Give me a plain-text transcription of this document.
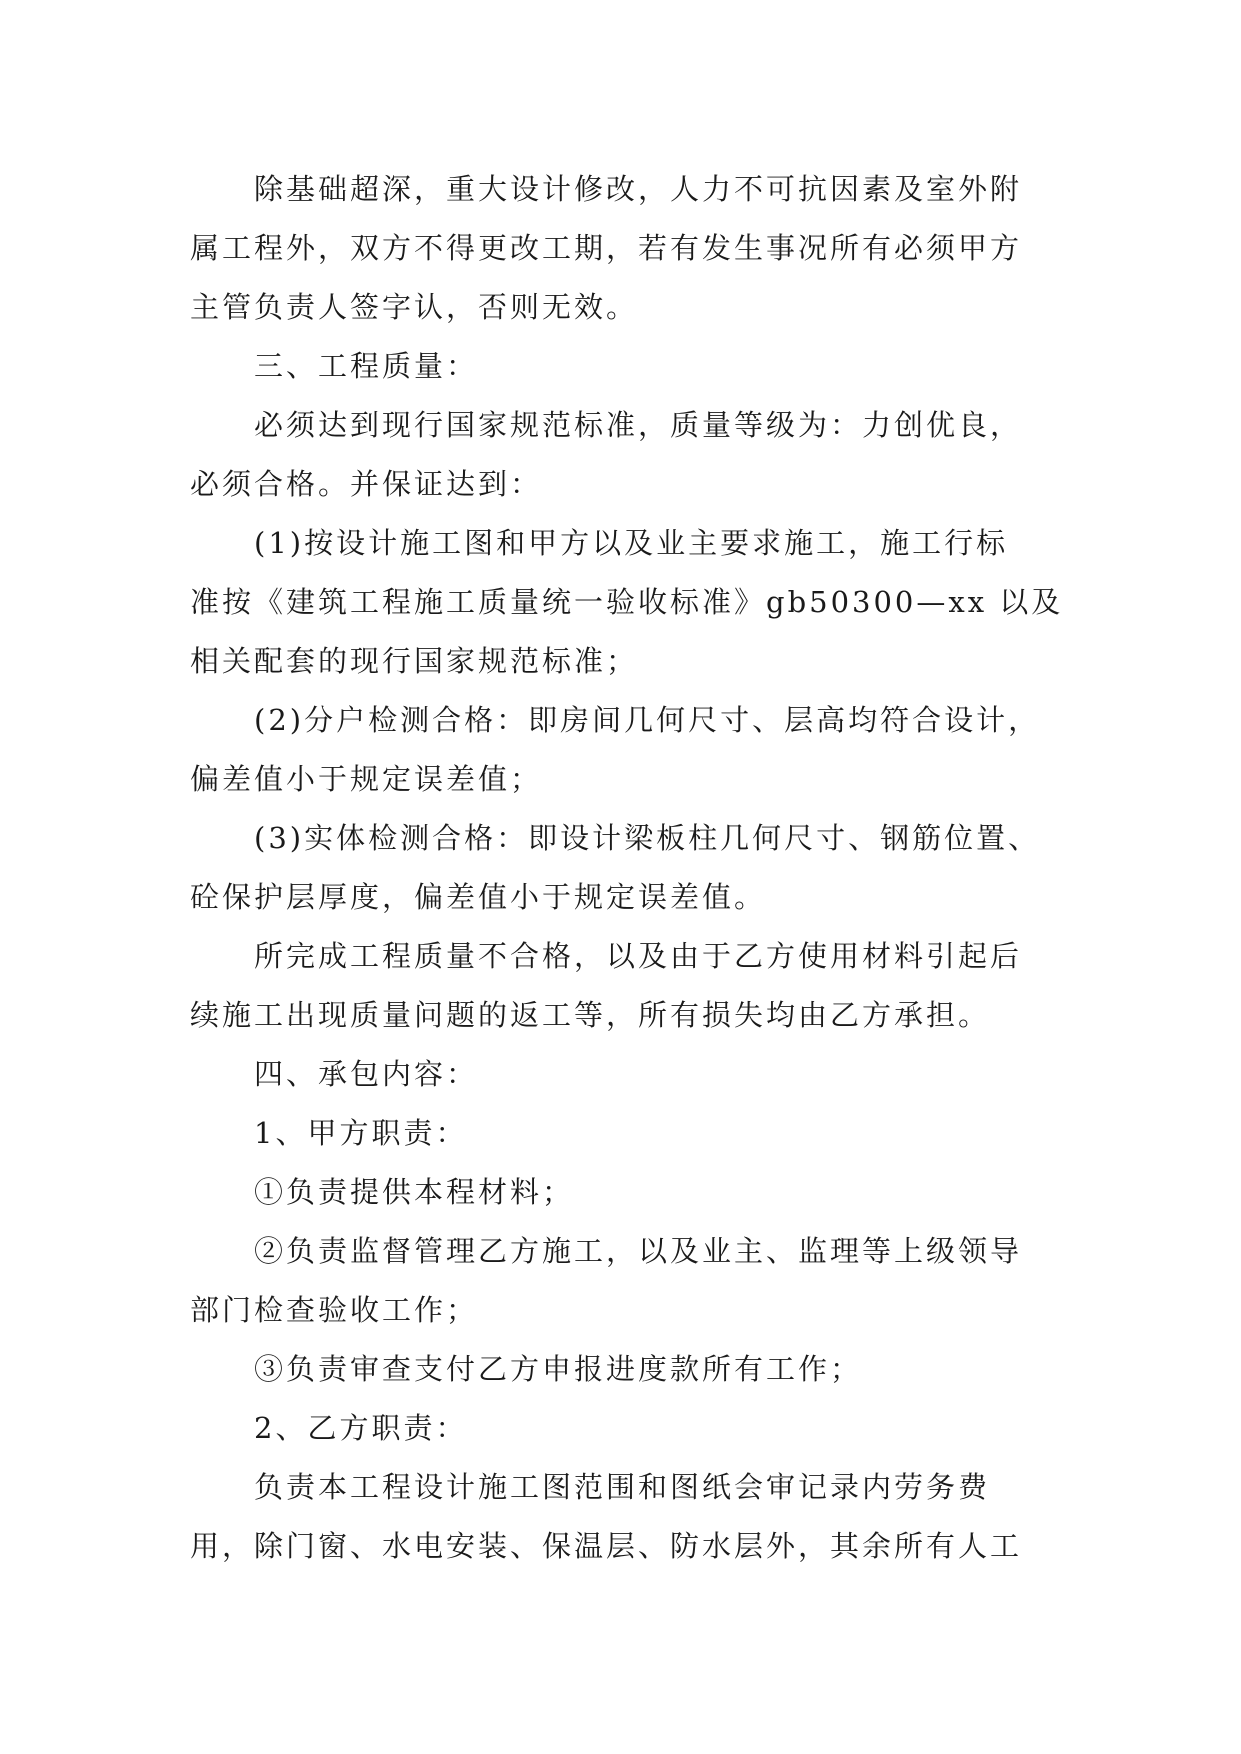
除基础超深，重大设计修改，人力不可抗因素及室外附
属工程外，双方不得更改工期，若有发生事况所有必须甲方
主管负责人签字认，否则无效。
三、工程质量：
必须达到现行国家规范标准，质量等级为：力创优良，
必须合格。并保证达到：
(1)按设计施工图和甲方以及业主要求施工，施工行标
准按《建筑工程施工质量统一验收标准》gb50300—xx 以及
相关配套的现行国家规范标准；
(2)分户检测合格：即房间几何尺寸、层高均符合设计，
偏差值小于规定误差值；
(3)实体检测合格：即设计梁板柱几何尺寸、钢筋位置、
砼保护层厚度，偏差值小于规定误差值。
所完成工程质量不合格，以及由于乙方使用材料引起后
续施工出现质量问题的返工等，所有损失均由乙方承担。
四、承包内容：
1、甲方职责：
①负责提供本程材料；
②负责监督管理乙方施工，以及业主、监理等上级领导
部门检查验收工作；
③负责审查支付乙方申报进度款所有工作；
2、乙方职责：
负责本工程设计施工图范围和图纸会审记录内劳务费
用，除门窗、水电安装、保温层、防水层外，其余所有人工
